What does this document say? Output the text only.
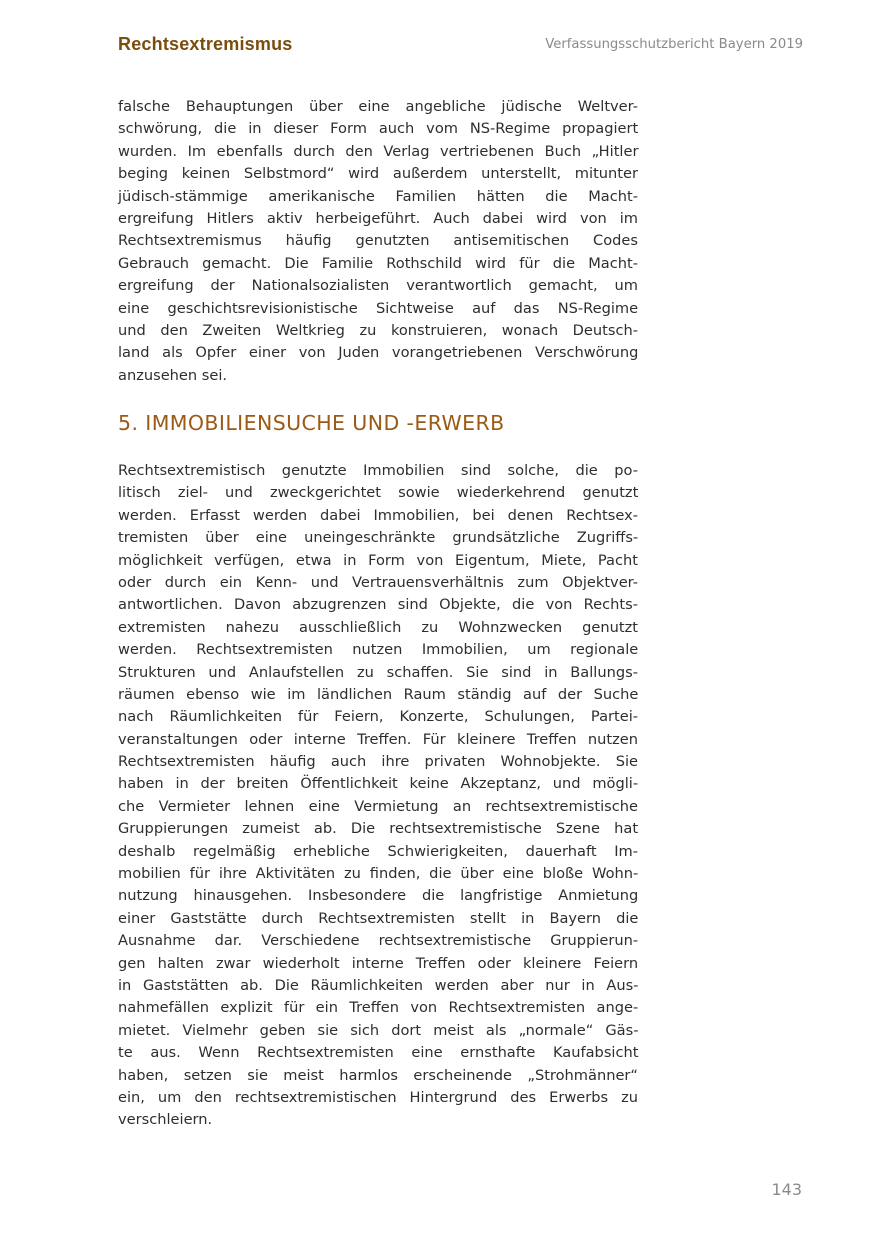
Rechtsextremismus	Verfassungsschutzbericht Bayern 2019
falsche Behauptungen über eine angebliche jüdische Weltver-
schwörung, die in dieser Form auch vom NS-Regime propagiert
wurden. Im ebenfalls durch den Verlag vertriebenen Buch „Hitler
beging keinen Selbstmord“ wird außerdem unterstellt, mitunter
jüdisch-stämmige amerikanische Familien hätten die Macht-
ergreifung Hitlers aktiv herbeigeführt. Auch dabei wird von im
Rechtsextremismus häufig genutzten antisemitischen Codes
Gebrauch gemacht. Die Familie Rothschild wird für die Macht-
ergreifung der Nationalsozialisten verantwortlich gemacht, um
eine geschichtsrevisionistische Sichtweise auf das NS-Regime
und den Zweiten Weltkrieg zu konstruieren, wonach Deutsch-
land als Opfer einer von Juden vorangetriebenen Verschwörung
anzusehen sei.
5. IMMOBILIENSUCHE UND -ERWERB
Rechtsextremistisch genutzte Immobilien sind solche, die po-
litisch ziel- und zweckgerichtet sowie wiederkehrend genutzt
werden. Erfasst werden dabei Immobilien, bei denen Rechtsex-
tremisten über eine uneingeschränkte grundsätzliche Zugriffs-
möglichkeit verfügen, etwa in Form von Eigentum, Miete, Pacht
oder durch ein Kenn- und Vertrauensverhältnis zum Objektver-
antwortlichen. Davon abzugrenzen sind Objekte, die von Rechts-
extremisten nahezu ausschließlich zu Wohnzwecken genutzt
werden. Rechtsextremisten nutzen Immobilien, um regionale
Strukturen und Anlaufstellen zu schaffen. Sie sind in Ballungs-
räumen ebenso wie im ländlichen Raum ständig auf der Suche
nach Räumlichkeiten für Feiern, Konzerte, Schulungen, Partei-
veranstaltungen oder interne Treffen. Für kleinere Treffen nutzen
Rechtsextremisten häufig auch ihre privaten Wohnobjekte. Sie
haben in der breiten Öffentlichkeit keine Akzeptanz, und mögli-
che Vermieter lehnen eine Vermietung an rechtsextremistische
Gruppierungen zumeist ab. Die rechtsextremistische Szene hat
deshalb regelmäßig erhebliche Schwierigkeiten, dauerhaft Im-
mobilien für ihre Aktivitäten zu finden, die über eine bloße Wohn-
nutzung hinausgehen. Insbesondere die langfristige Anmietung
einer Gaststätte durch Rechtsextremisten stellt in Bayern die
Ausnahme dar. Verschiedene rechtsextremistische Gruppierun-
gen halten zwar wiederholt interne Treffen oder kleinere Feiern
in Gaststätten ab. Die Räumlichkeiten werden aber nur in Aus-
nahmefällen explizit für ein Treffen von Rechtsextremisten ange-
mietet. Vielmehr geben sie sich dort meist als „normale“ Gäs-
te aus. Wenn Rechtsextremisten eine ernsthafte Kaufabsicht
haben, setzen sie meist harmlos erscheinende „Strohmänner“
ein, um den rechtsextremistischen Hintergrund des Erwerbs zu
verschleiern.
143
